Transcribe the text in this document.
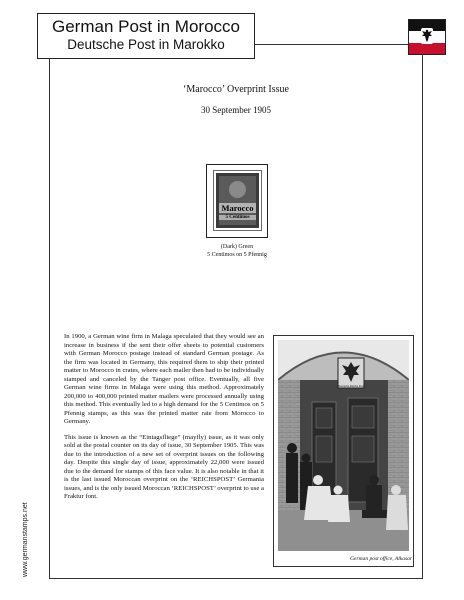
German Post in Morocco
Deutsche Post in Marokko
‘Marocco’ Overprint Issue
30 September 1905
Marocco
5 Centimos
(Dark) Green
5 Centimos on 5 Pfennig

In 1900, a German wine firm in Malaga speculated that they would see an increase in business if the sent their offer sheets to potential customers with German Morocco postage instead of standard German postage. As the firm was located in Germany, this required them to ship their printed matter to Morocco in crates, where each mailer then had to be individually stamped and canceled by the Tanger post office. Eventually, all five German wine firms in Malaga were using this method. Approximately 200,000 to 400,000 printed matter mailers were processed annually using this method. This eventually led to a high demand for the 5 Centimos on 5 Pfennig stamps, as this was the printed matter rate from Morocco to Germany.

This issue is known as the “Eintagsfliege” (mayfly) issue, as it was only sold at the postal counter on its day of issue, 30 September 1905. This was due to the introduction of a new set of overprint issues on the following day. Despite this single day of issue, approximately 22,000 were issued due to the demand for stamps of this face value. It is also notable in that it is the last issued Moroccan overprint on the ‘REICHSPOST’ Germania issues, and is the only issued Moroccan ‘REICHSPOST’ overprint to use a Fraktur font.

Deutsche Reichs Post
German post office, Alkasar
www.germanstamps.net
